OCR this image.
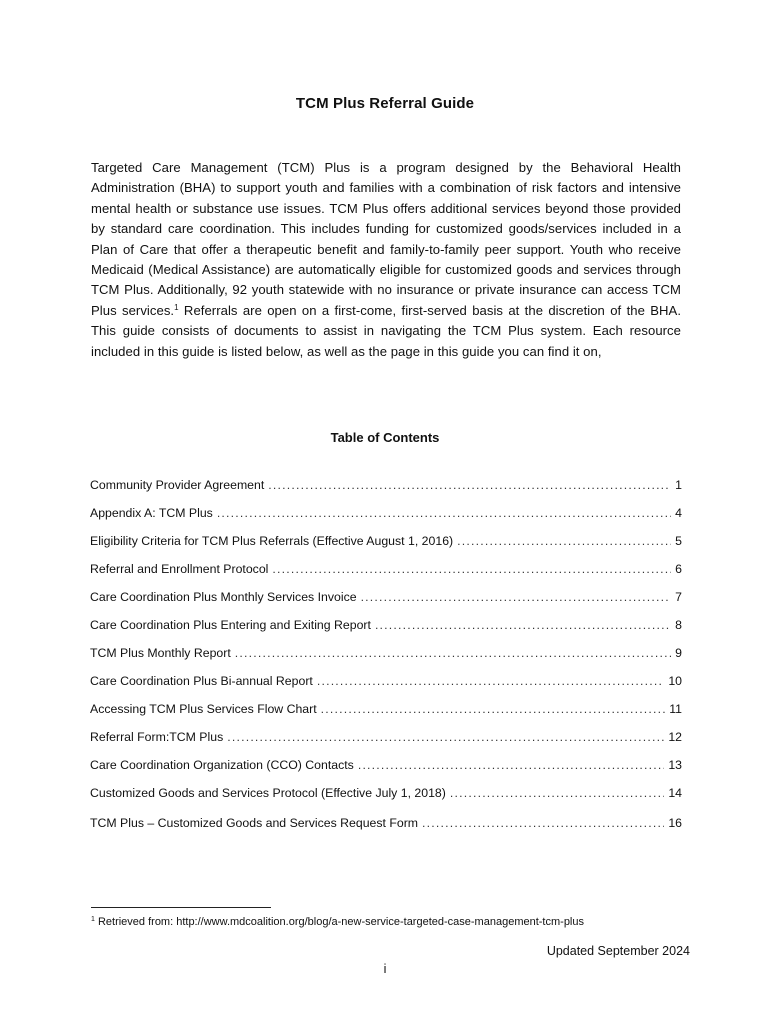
TCM Plus Referral Guide

Targeted Care Management (TCM) Plus is a program designed by the Behavioral Health Administration (BHA) to support youth and families with a combination of risk factors and intensive mental health or substance use issues. TCM Plus offers additional services beyond those provided by standard care coordination. This includes funding for customized goods/services included in a Plan of Care that offer a therapeutic benefit and family-to-family peer support. Youth who receive Medicaid (Medical Assistance) are automatically eligible for customized goods and services through TCM Plus. Additionally, 92 youth statewide with no insurance or private insurance can access TCM Plus services.$^1$ Referrals are open on a first-come, first-served basis at the discretion of the BHA. This guide consists of documents to assist in navigating the TCM Plus system. Each resource included in this guide is listed below, as well as the page in this guide you can find it on,

Table of Contents
Community Provider Agreement .....	1
Appendix A: TCM Plus .....	4
Eligibility Criteria for TCM Plus Referrals (Effective August 1, 2016) .....	5
Referral and Enrollment Protocol .....	6
Care Coordination Plus Monthly Services Invoice .....	7
Care Coordination Plus Entering and Exiting Report .....	8
TCM Plus Monthly Report .....	9
Care Coordination Plus Bi-annual Report .....	10
Accessing TCM Plus Services Flow Chart .....	11
Referral Form:TCM Plus .....	12
Care Coordination Organization (CCO) Contacts .....	13
Customized Goods and Services Protocol (Effective July 1, 2018) .....	14
TCM Plus – Customized Goods and Services Request Form .....	16
$^1$ Retrieved from: http://www.mdcoalition.org/blog/a-new-service-targeted-case-management-tcm-plus
Updated September 2024
i
